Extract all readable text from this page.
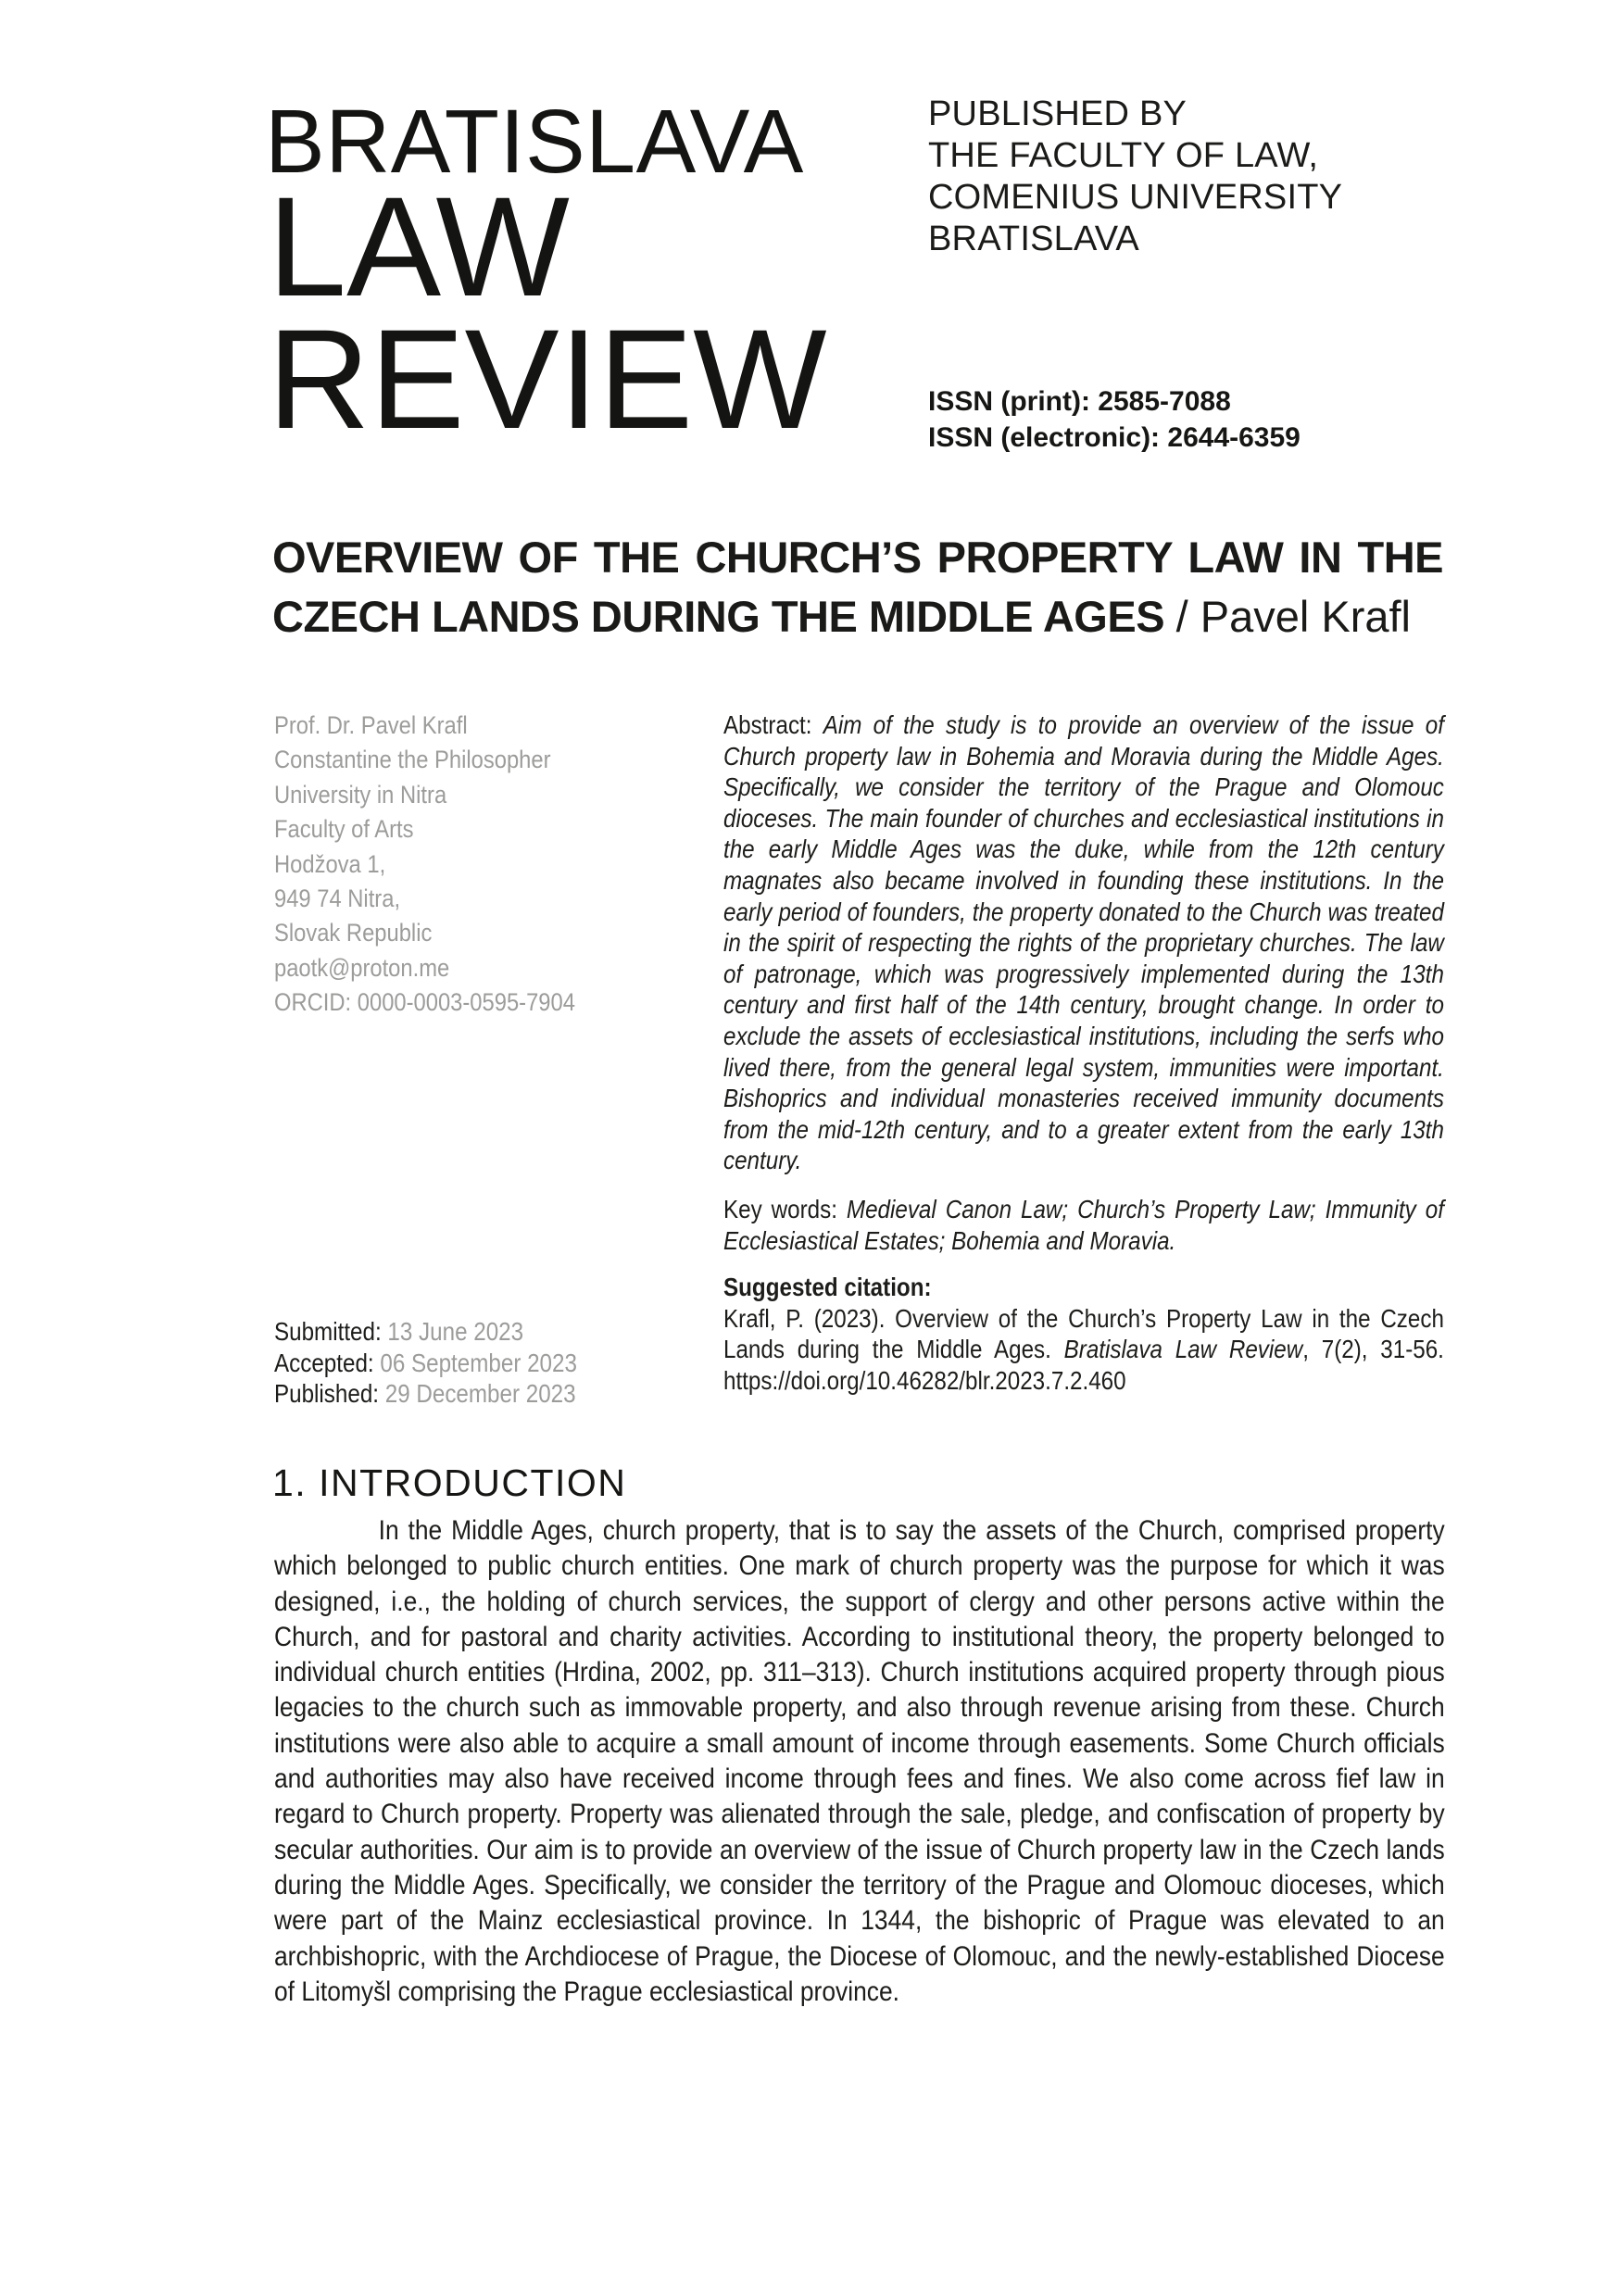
BRATISLAVA
LAW
REVIEW
PUBLISHED BY
THE FACULTY OF LAW,
COMENIUS UNIVERSITY
BRATISLAVA
ISSN (print): 2585-7088
ISSN (electronic): 2644-6359
OVERVIEW OF THE CHURCH’S PROPERTY LAW IN THE
CZECH LANDS DURING THE MIDDLE AGES / Pavel Krafl
Prof. Dr. Pavel Krafl
Constantine the Philosopher
University in Nitra
Faculty of Arts
Hodžova 1,
949 74 Nitra,
Slovak Republic
paotk@proton.me
ORCID: 0000-0003-0595-7904
Submitted: 13 June 2023
Accepted: 06 September 2023
Published: 29 December 2023

Abstract: Aim of the study is to provide an overview of the issue of Church property law in Bohemia and Moravia during the Middle Ages. Specifically, we consider the territory of the Prague and Olomouc dioceses. The main founder of churches and ecclesiastical institutions in the early Middle Ages was the duke, while from the 12th century magnates also became involved in founding these institutions. In the early period of founders, the property donated to the Church was treated in the spirit of respecting the rights of the proprietary churches. The law of patronage, which was progressively implemented during the 13th century and first half of the 14th century, brought change. In order to exclude the assets of ecclesiastical institutions, including the serfs who lived there, from the general legal system, immunities were important. Bishoprics and individual monasteries received immunity documents from the mid-12th century, and to a greater extent from the early 13th century.

Key words: Medieval Canon Law; Church’s Property Law; Immunity of Ecclesiastical Estates; Bohemia and Moravia.

Suggested citation:

Krafl, P. (2023). Overview of the Church’s Property Law in the Czech Lands during the Middle Ages. Bratislava Law Review, 7(2), 31-56. https://doi.org/10.46282/blr.2023.7.2.460

1. INTRODUCTION

In the Middle Ages, church property, that is to say the assets of the Church, comprised property which belonged to public church entities. One mark of church property was the purpose for which it was designed, i.e., the holding of church services, the support of clergy and other persons active within the Church, and for pastoral and charity activities. According to institutional theory, the property belonged to individual church entities (Hrdina, 2002, pp. 311–313). Church institutions acquired property through pious legacies to the church such as immovable property, and also through revenue arising from these. Church institutions were also able to acquire a small amount of income through easements. Some Church officials and authorities may also have received income through fees and fines. We also come across fief law in regard to Church property. Property was alienated through the sale, pledge, and confiscation of property by secular authorities. Our aim is to provide an overview of the issue of Church property law in the Czech lands during the Middle Ages. Specifically, we consider the territory of the Prague and Olomouc dioceses, which were part of the Mainz ecclesiastical province. In 1344, the bishopric of Prague was elevated to an archbishopric, with the Archdiocese of Prague, the Diocese of Olomouc, and the newly-established Diocese of Litomyšl comprising the Prague ecclesiastical province.
